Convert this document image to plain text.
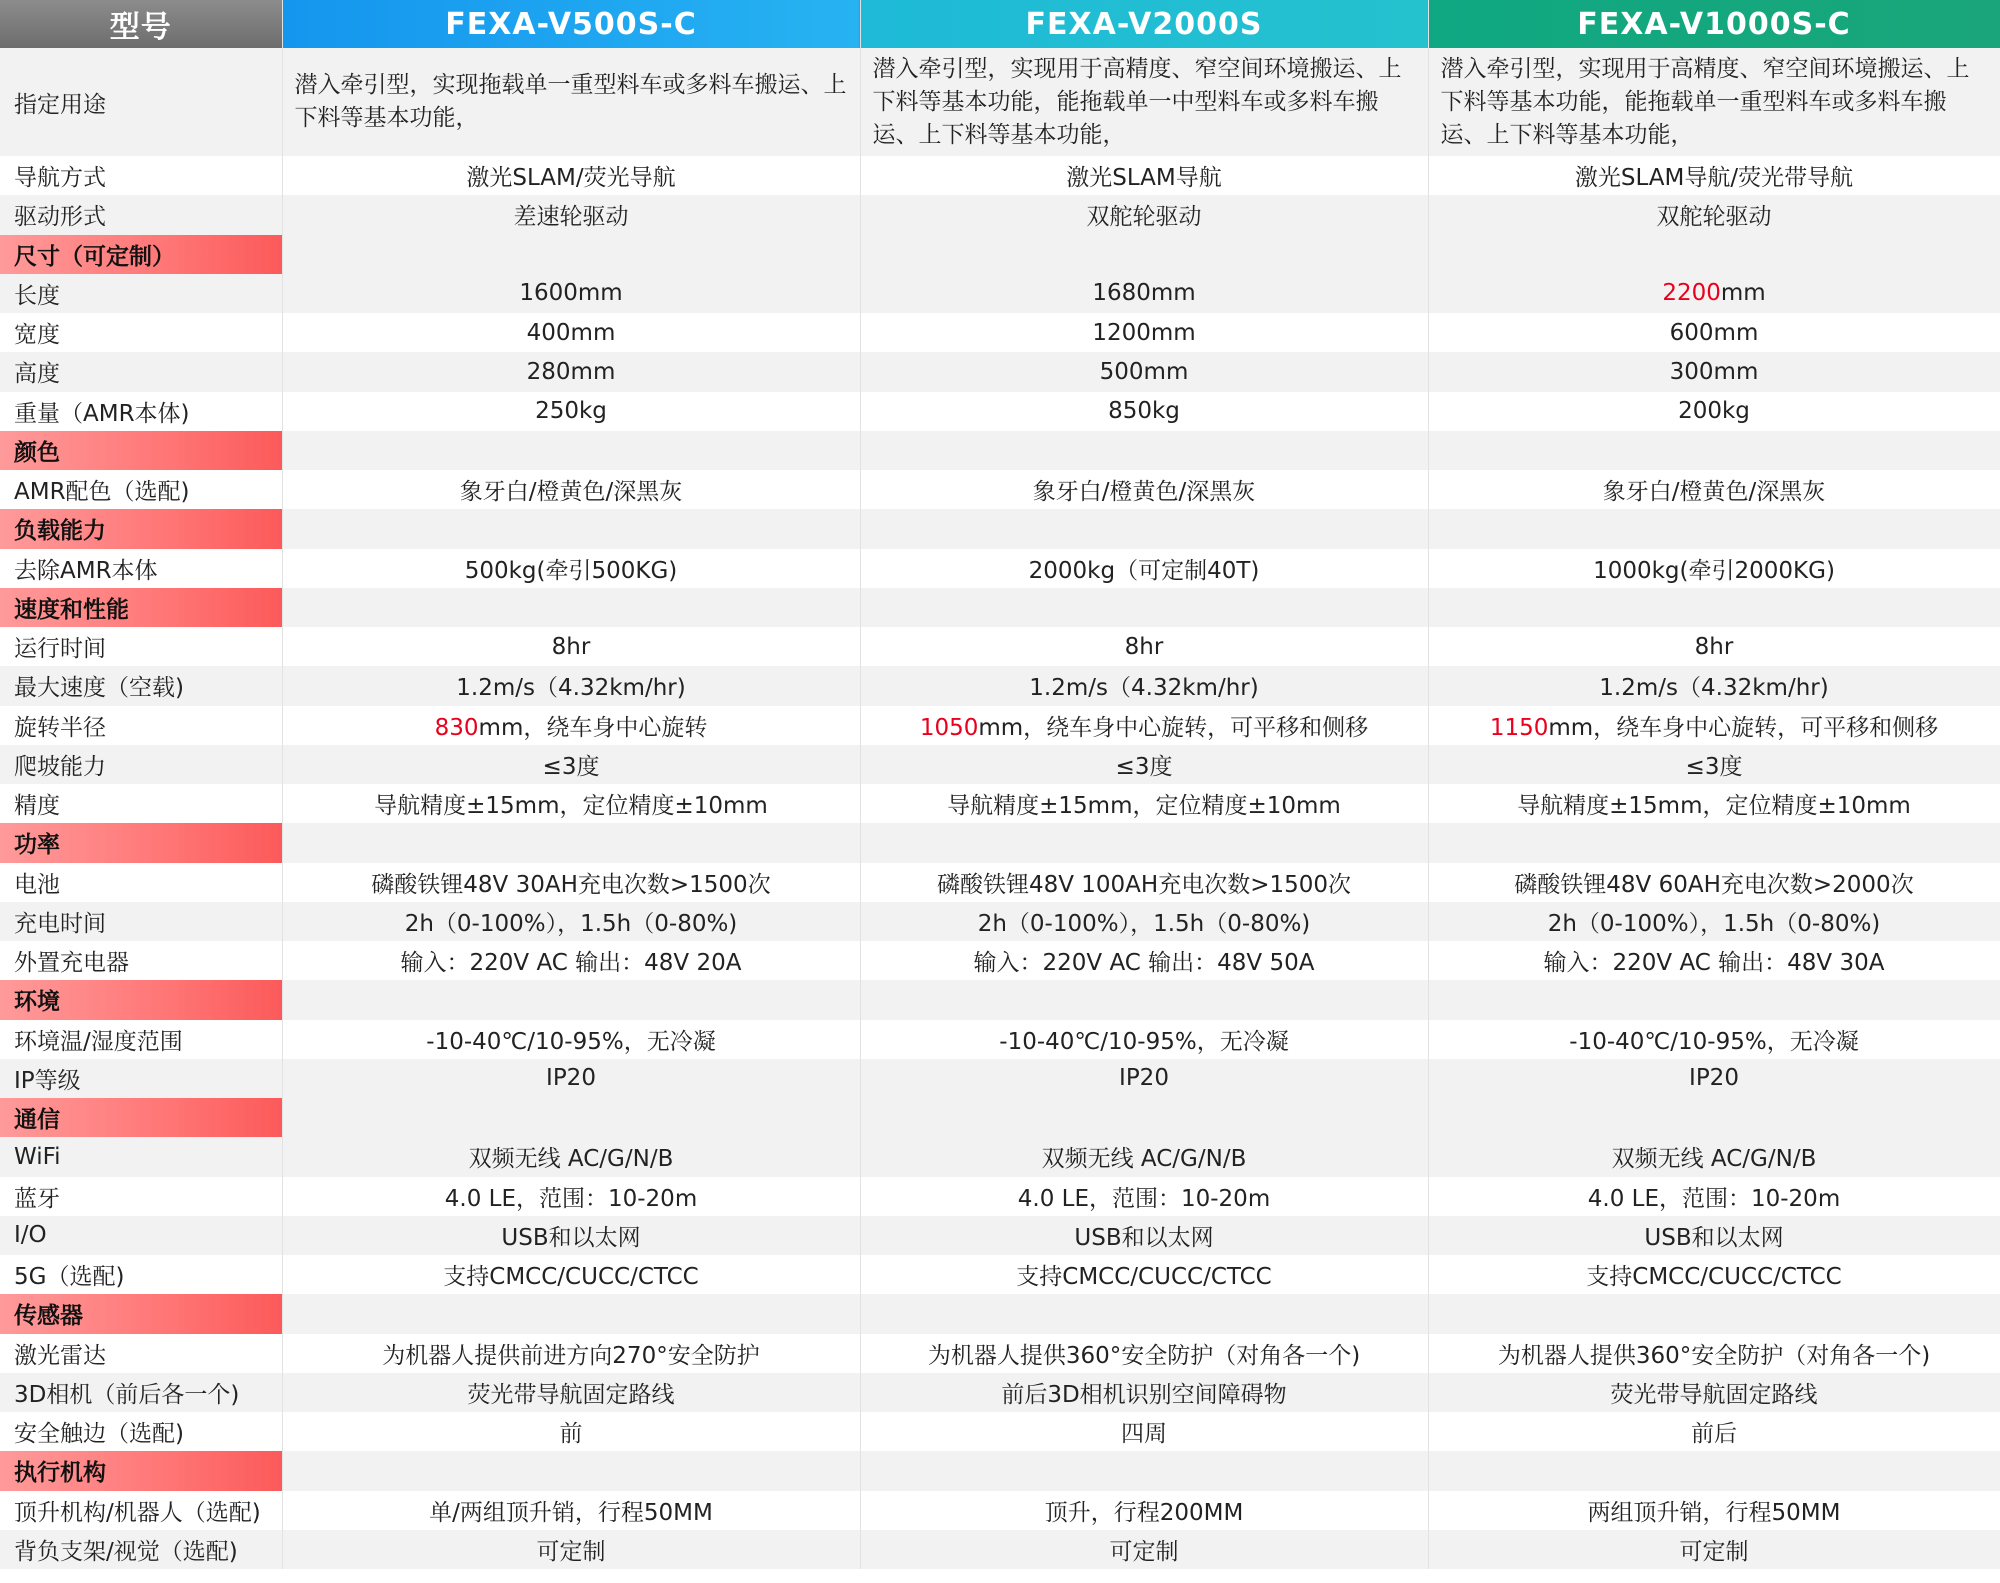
型号	FEXA-V500S-C	FEXA-V2000S	FEXA-V1000S-C
指定用途	潜入牵引型，实现拖载单一重型料车或多料车搬运、上下料等基本功能，	潜入牵引型，实现用于高精度、窄空间环境搬运、上下料等基本功能，能拖载单一中型料车或多料车搬运、上下料等基本功能，	潜入牵引型，实现用于高精度、窄空间环境搬运、上下料等基本功能，能拖载单一重型料车或多料车搬运、上下料等基本功能，
导航方式	激光SLAM/荧光导航	激光SLAM导航	激光SLAM导航/荧光带导航
驱动形式	差速轮驱动	双舵轮驱动	双舵轮驱动
尺寸（可定制）			
长度	1600mm	1680mm	2200mm
宽度	400mm	1200mm	600mm
高度	280mm	500mm	300mm
重量（AMR本体)	250kg	850kg	200kg
颜色			
AMR配色（选配)	象牙白/橙黄色/深黑灰	象牙白/橙黄色/深黑灰	象牙白/橙黄色/深黑灰
负载能力			
去除AMR本体	500kg(牵引500KG)	2000kg（可定制40T)	1000kg(牵引2000KG)
速度和性能			
运行时间	8hr	8hr	8hr
最大速度（空载)	1.2m/s（4.32km/hr)	1.2m/s（4.32km/hr)	1.2m/s（4.32km/hr)
旋转半径	830mm，绕车身中心旋转	1050mm，绕车身中心旋转，可平移和侧移	1150mm，绕车身中心旋转，可平移和侧移
爬坡能力	≤3度	≤3度	≤3度
精度	导航精度±15mm，定位精度±10mm	导航精度±15mm，定位精度±10mm	导航精度±15mm，定位精度±10mm
功率			
电池	磷酸铁锂48V 30AH充电次数>1500次	磷酸铁锂48V 100AH充电次数>1500次	磷酸铁锂48V 60AH充电次数>2000次
充电时间	2h（0-100%），1.5h（0-80%)	2h（0-100%），1.5h（0-80%)	2h（0-100%），1.5h（0-80%)
外置充电器	输入：220V AC 输出：48V 20A	输入：220V AC 输出：48V 50A	输入：220V AC 输出：48V 30A
环境			
环境温/湿度范围	-10-40℃/10-95%，无冷凝	-10-40℃/10-95%，无冷凝	-10-40℃/10-95%，无冷凝
IP等级	IP20	IP20	IP20
通信			
WiFi	双频无线 AC/G/N/B	双频无线 AC/G/N/B	双频无线 AC/G/N/B
蓝牙	4.0 LE，范围：10-20m	4.0 LE，范围：10-20m	4.0 LE，范围：10-20m
I/O	USB和以太网	USB和以太网	USB和以太网
5G（选配)	支持CMCC/CUCC/CTCC	支持CMCC/CUCC/CTCC	支持CMCC/CUCC/CTCC
传感器			
激光雷达	为机器人提供前进方向270°安全防护	为机器人提供360°安全防护（对角各一个)	为机器人提供360°安全防护（对角各一个)
3D相机（前后各一个)	荧光带导航固定路线	前后3D相机识别空间障碍物	荧光带导航固定路线
安全触边（选配)	前	四周	前后
执行机构			
顶升机构/机器人（选配)	单/两组顶升销，行程50MM	顶升，行程200MM	两组顶升销，行程50MM
背负支架/视觉（选配)	可定制	可定制	可定制
